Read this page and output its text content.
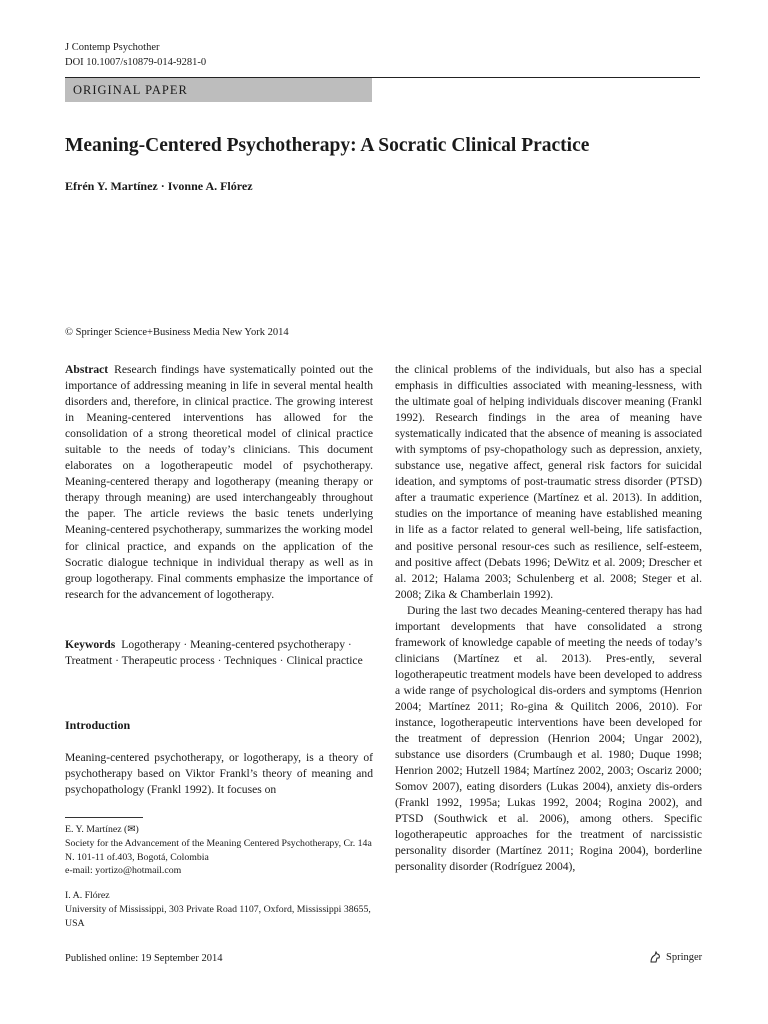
J Contemp Psychother
DOI 10.1007/s10879-014-9281-0
ORIGINAL PAPER
Meaning-Centered Psychotherapy: A Socratic Clinical Practice
Efrén Y. Martínez · Ivonne A. Flórez
© Springer Science+Business Media New York 2014

Abstract Research findings have systematically pointed out the importance of addressing meaning in life in several mental health disorders and, therefore, in clinical practice. The growing interest in Meaning-centered interventions has allowed for the consolidation of a strong theoretical model of clinical practice suitable to the needs of today’s clinicians. This document elaborates on a logotherapeutic model of psychotherapy. Meaning-centered therapy and logotherapy (meaning therapy or therapy through meaning) are used interchangeably throughout the paper. The article reviews the basic tenets underlying Meaning-centered psychotherapy, summarizes the working model for clinical practice, and expands on the application of the Socratic dialogue technique in individual therapy as well as in group logotherapy. Final comments emphasize the importance of research for the advancement of logotherapy.

Keywords Logotherapy · Meaning-centered psychotherapy · Treatment · Therapeutic process · Techniques · Clinical practice
Introduction
Meaning-centered psychotherapy, or logotherapy, is a theory of psychotherapy based on Viktor Frankl’s theory of meaning and psychopathology (Frankl 1992). It focuses on
E. Y. Martínez (✉)
Society for the Advancement of the Meaning Centered Psychotherapy, Cr. 14a N. 101-11 of.403, Bogotá, Colombia
e-mail: yortizo@hotmail.com
I. A. Flórez
University of Mississippi, 303 Private Road 1107, Oxford, Mississippi 38655, USA

the clinical problems of the individuals, but also has a special emphasis in difficulties associated with meaning-lessness, with the ultimate goal of helping individuals discover meaning (Frankl 1992). Research findings in the area of meaning have systematically indicated that the absence of meaning is associated with symptoms of psy-chopathology such as depression, anxiety, substance use, negative affect, general risk factors for suicidal ideation, and symptoms of post-traumatic stress disorder (PTSD) after a traumatic experience (Martínez et al. 2013). In addition, studies on the importance of meaning have established meaning in life as a factor related to general well-being, life satisfaction, and positive personal resour-ces such as resilience, self-esteem, and positive affect (Debats 1996; DeWitz et al. 2009; Drescher et al. 2012; Halama 2003; Schulenberg et al. 2008; Steger et al. 2008; Zika & Chamberlain 1992).

During the last two decades Meaning-centered therapy has had important developments that have consolidated a strong framework of knowledge capable of meeting the needs of today’s clinicians (Martínez et al. 2013). Pres-ently, several logotherapeutic treatment models have been developed to address a wide range of psychological dis-orders and symptoms (Henrion 2004; Martínez 2011; Ro-gina & Quilitch 2006, 2010). For instance, logotherapeutic interventions have been developed for the treatment of depression (Henrion 2004; Ungar 2002), substance use disorders (Crumbaugh et al. 1980; Duque 1998; Henrion 2002; Hutzell 1984; Martínez 2002, 2003; Oscariz 2000; Somov 2007), eating disorders (Lukas 2004), anxiety dis-orders (Frankl 1992, 1995a; Lukas 1992, 2004; Rogina 2002), and PTSD (Southwick et al. 2006), among others. Specific logotherapeutic approaches for the treatment of narcissistic personality disorder (Martínez 2011; Rogina 2004), borderline personality disorder (Rodríguez 2004),

Published online: 19 September 2014	Springer
